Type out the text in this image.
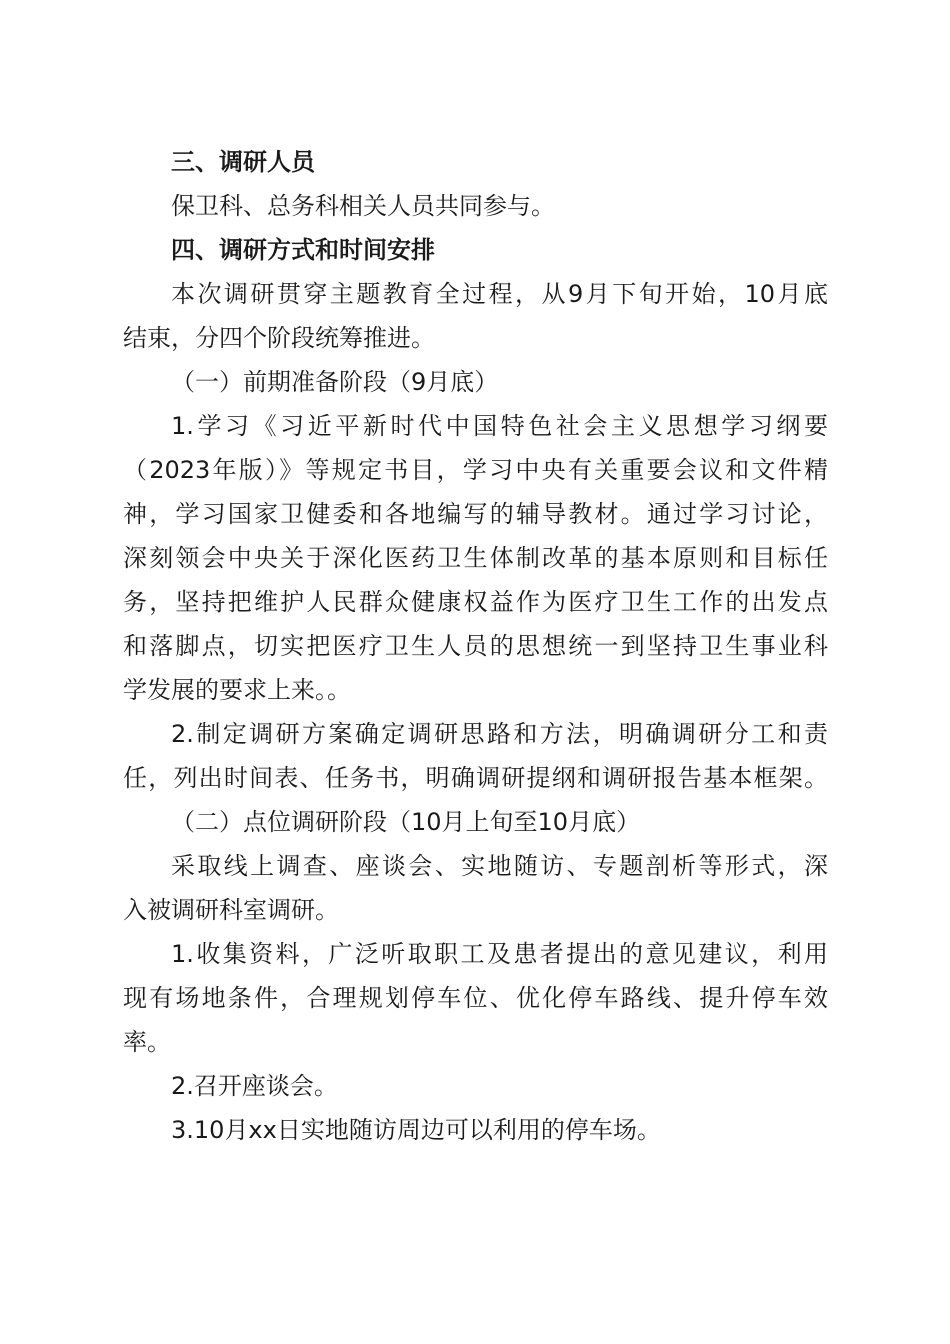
三、调研人员
保卫科、总务科相关人员共同参与。
四、调研方式和时间安排
本次调研贯穿主题教育全过程，从9月下旬开始，10月底
结束，分四个阶段统筹推进。
（一）前期准备阶段（9月底）
1.学习《习近平新时代中国特色社会主义思想学习纲要
（2023年版）》等规定书目，学习中央有关重要会议和文件精
神，学习国家卫健委和各地编写的辅导教材。通过学习讨论，
深刻领会中央关于深化医药卫生体制改革的基本原则和目标任
务，坚持把维护人民群众健康权益作为医疗卫生工作的出发点
和落脚点，切实把医疗卫生人员的思想统一到坚持卫生事业科
学发展的要求上来。。
2.制定调研方案确定调研思路和方法，明确调研分工和责
任，列出时间表、任务书，明确调研提纲和调研报告基本框架。
（二）点位调研阶段（10月上旬至10月底）
采取线上调查、座谈会、实地随访、专题剖析等形式，深
入被调研科室调研。
1.收集资料，广泛听取职工及患者提出的意见建议，利用
现有场地条件，合理规划停车位、优化停车路线、提升停车效
率。
2.召开座谈会。
3.10月xx日实地随访周边可以利用的停车场。
